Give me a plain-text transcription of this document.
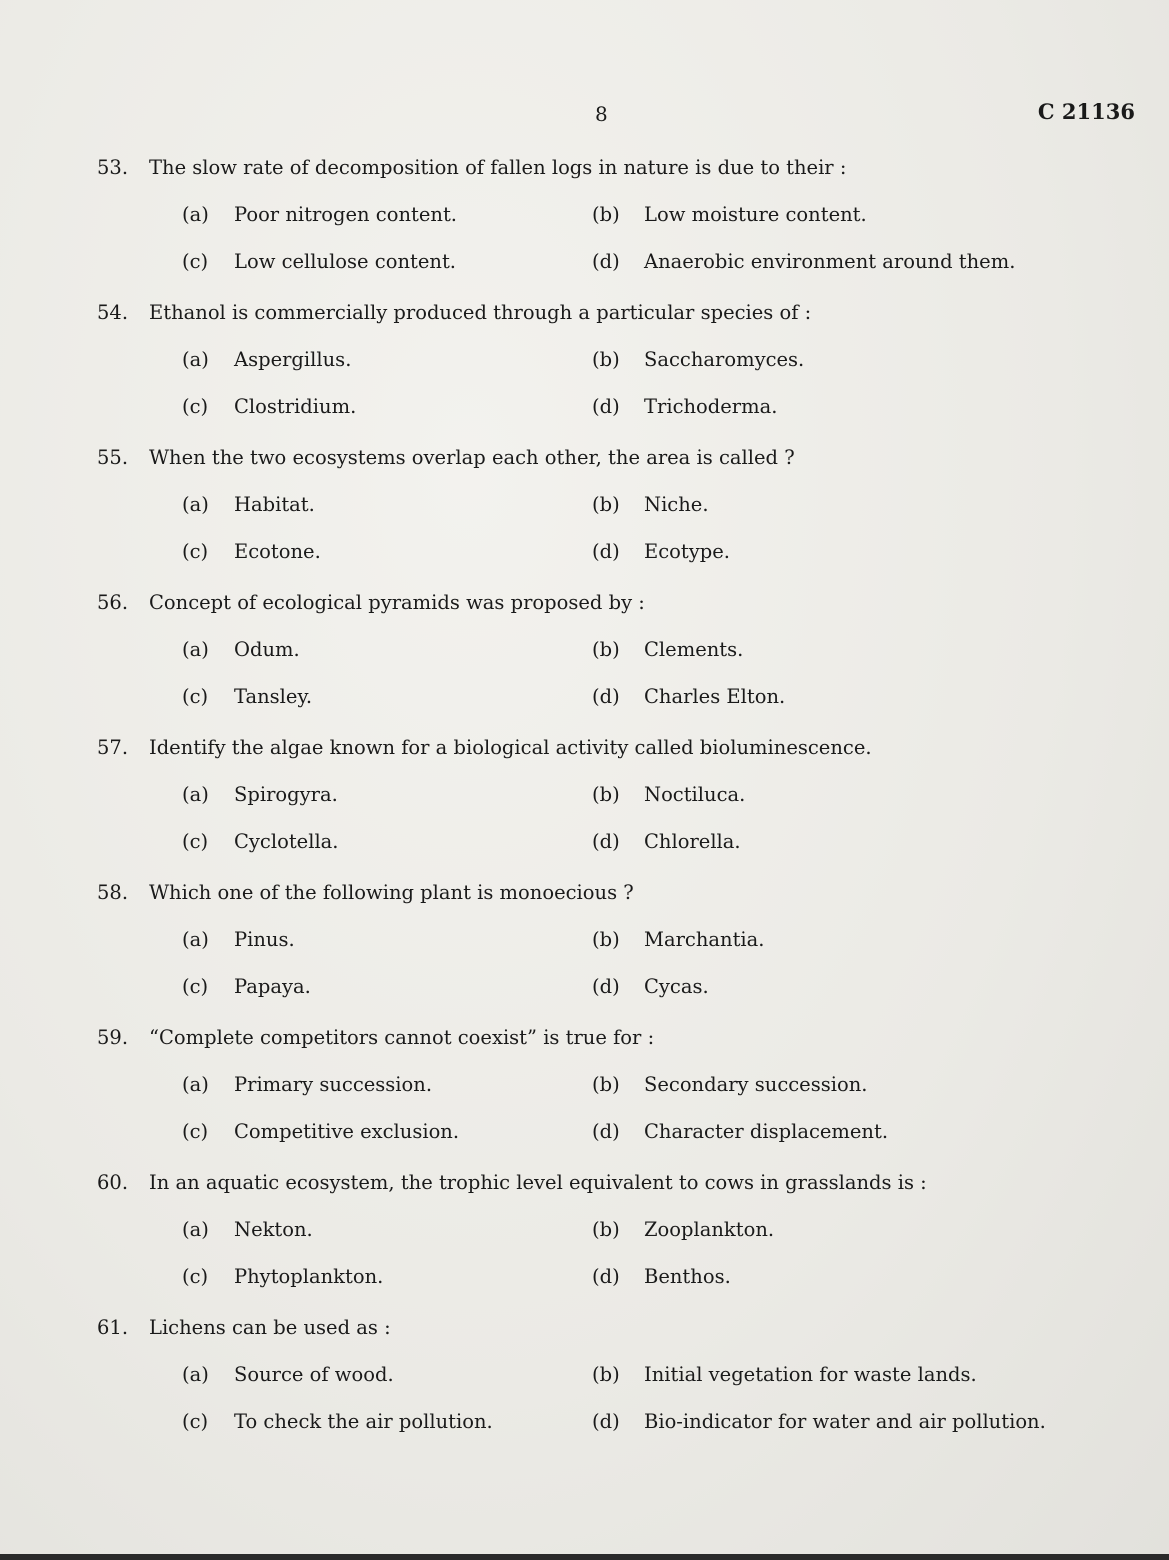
8	C 21136
53.	The slow rate of decomposition of fallen logs in nature is due to their :
(a)	Poor nitrogen content.	(b)	Low moisture content.
(c)	Low cellulose content.	(d)	Anaerobic environment around them.
54.	Ethanol is commercially produced through a particular species of :
(a)	Aspergillus.	(b)	Saccharomyces.
(c)	Clostridium.	(d)	Trichoderma.
55.	When the two ecosystems overlap each other, the area is called ?
(a)	Habitat.	(b)	Niche.
(c)	Ecotone.	(d)	Ecotype.
56.	Concept of ecological pyramids was proposed by :
(a)	Odum.	(b)	Clements.
(c)	Tansley.	(d)	Charles Elton.
57.	Identify the algae known for a biological activity called bioluminescence.
(a)	Spirogyra.	(b)	Noctiluca.
(c)	Cyclotella.	(d)	Chlorella.
58.	Which one of the following plant is monoecious ?
(a)	Pinus.	(b)	Marchantia.
(c)	Papaya.	(d)	Cycas.
59.	“Complete competitors cannot coexist” is true for :
(a)	Primary succession.	(b)	Secondary succession.
(c)	Competitive exclusion.	(d)	Character displacement.
60.	In an aquatic ecosystem, the trophic level equivalent to cows in grasslands is :
(a)	Nekton.	(b)	Zooplankton.
(c)	Phytoplankton.	(d)	Benthos.
61.	Lichens can be used as :
(a)	Source of wood.	(b)	Initial vegetation for waste lands.
(c)	To check the air pollution.	(d)	Bio-indicator for water and air pollution.
